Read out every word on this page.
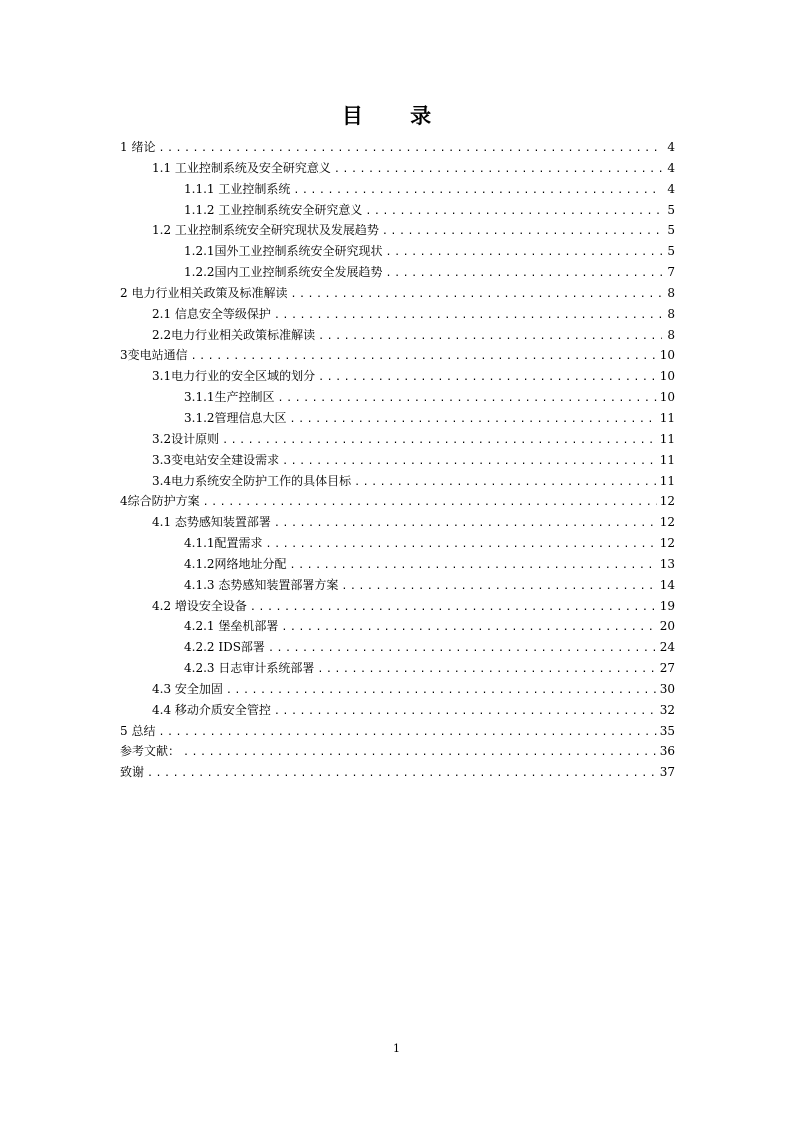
目 录
1 绪论 .....	4
1.1 工业控制系统及安全研究意义 .....	4
1.1.1 工业控制系统 .....	4
1.1.2 工业控制系统安全研究意义 .....	5
1.2 工业控制系统安全研究现状及发展趋势 .....	5
1.2.1国外工业控制系统安全研究现状 .....	5
1.2.2国内工业控制系统安全发展趋势 .....	7
2 电力行业相关政策及标准解读 .....	8
2.1 信息安全等级保护 .....	8
2.2电力行业相关政策标准解读 .....	8
3变电站通信 .....	10
3.1电力行业的安全区域的划分 .....	10
3.1.1生产控制区 .....	10
3.1.2管理信息大区 .....	11
3.2设计原则 .....	11
3.3变电站安全建设需求 .....	11
3.4电力系统安全防护工作的具体目标 .....	11
4综合防护方案 .....	12
4.1 态势感知装置部署 .....	12
4.1.1配置需求 .....	12
4.1.2网络地址分配 .....	13
4.1.3 态势感知装置部署方案 .....	14
4.2 增设安全设备 .....	19
4.2.1 堡垒机部署 .....	20
4.2.2 IDS部署 .....	24
4.2.3 日志审计系统部署 .....	27
4.3 安全加固 .....	30
4.4 移动介质安全管控 .....	32
5 总结 .....	35
参考文献： .....	36
致谢 .....	37
1
